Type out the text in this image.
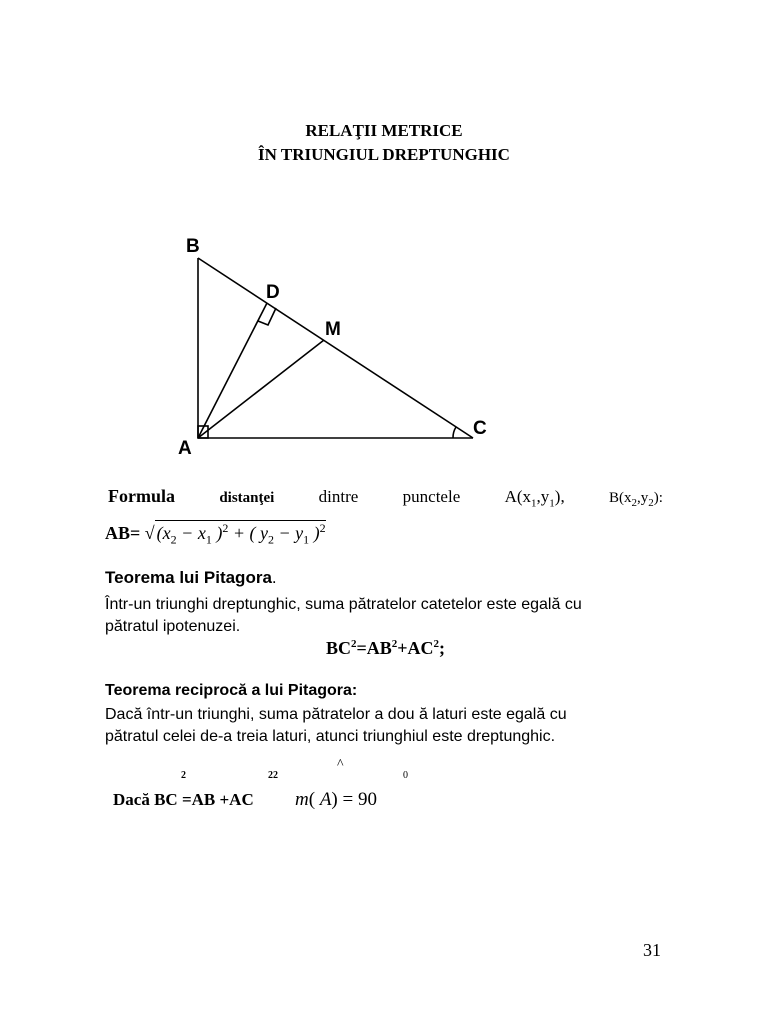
RELAŢII METRICE
ÎN TRIUNGIUL DREPTUNGHIC
B
D
M
A
C
Formula	distanţei	dintre	punctele	$A(x_1,y_1)$,	$B(x_2,y_2)$:
AB= √ ($x_2 - x_1$ )$^2$ + ( $y_2 - y_1$ )$^2$
Teorema lui Pitagora.
Într-un triunghi dreptunghic, suma pătratelor catetelor este egală cu
pătratul ipotenuzei.
$BC^2=AB^2+AC^2$;
Teorema reciprocă a lui Pitagora:
Dacă într-un triunghi, suma pătratelor a dou ă laturi este egală cu
pătratul celei de-a treia laturi, atunci triunghiul este dreptunghic.
2	22
^
0
Dacă BC =AB +AC m( A) = 90
31
